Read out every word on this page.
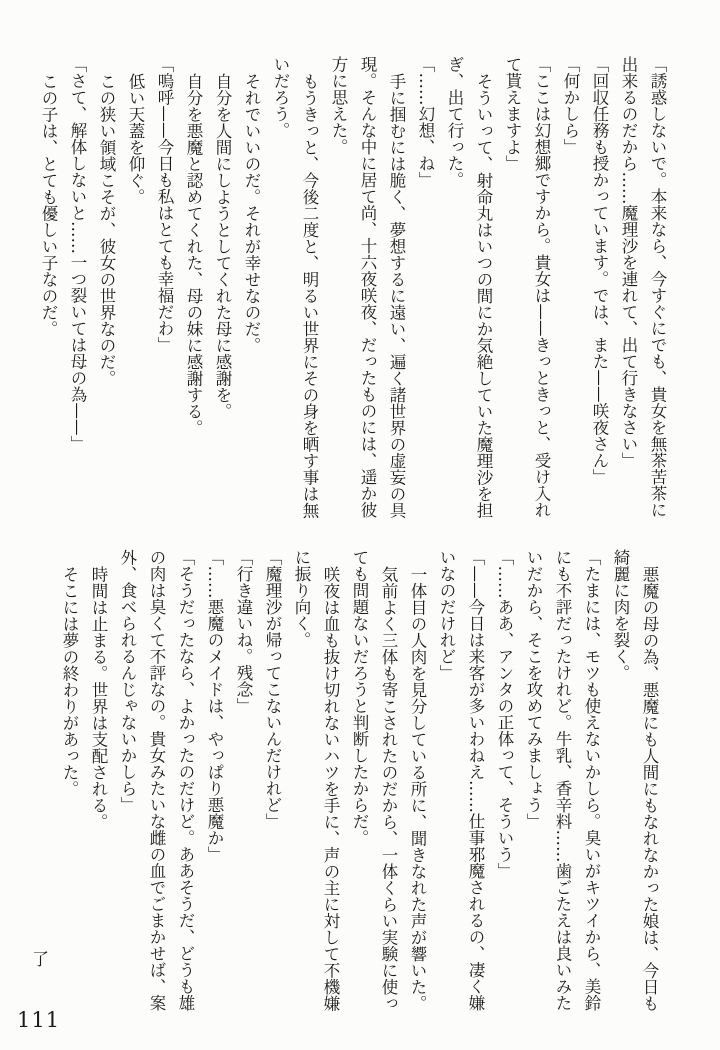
「誘惑しないで。本来なら、今すぐにでも、貴女を無茶苦茶に出来るのだから……魔理沙を連れて、出て行きなさい」

「回収任務も授かっています。では、また——咲夜さん」

「何かしら」

「ここは幻想郷ですから。貴女は——きっときっと、受け入れて貰えますよ」

そういって、射命丸はいつの間にか気絶していた魔理沙を担ぎ、出て行った。

「……幻想、ね」

手に掴むには脆く、夢想するに遠い、遍く諸世界の虚妄の具現。そんな中に居て尚、十六夜咲夜、だったものには、遥か彼方に思えた。

もうきっと、今後二度と、明るい世界にその身を晒す事は無いだろう。

それでいいのだ。それが幸せなのだ。

自分を人間にしようとしてくれた母に感謝を。

自分を悪魔と認めてくれた、母の妹に感謝する。

「嗚呼——今日も私はとても幸福だわ」

低い天蓋を仰ぐ。

この狭い領域こそが、彼女の世界なのだ。

「さて、解体しないと……一つ裂いては母の為——」

この子は、とても優しい子なのだ。

悪魔の母の為、悪魔にも人間にもなれなかった娘は、今日も綺麗に肉を裂く。

「たまには、モツも使えないかしら。臭いがキツイから、美鈴にも不評だったけれど。牛乳、香辛料……歯ごたえは良いみたいだから、そこを攻めてみましょう」

「……ああ、アンタの正体って、そういう」

「——今日は来客が多いわねえ……仕事邪魔されるの、凄く嫌いなのだけれど」

一体目の人肉を見分している所に、聞きなれた声が響いた。

気前よく三体も寄こされたのだから、一体くらい実験に使っても問題ないだろうと判断したからだ。

咲夜は血も抜け切れないハツを手に、声の主に対して不機嫌に振り向く。

「魔理沙が帰ってこないんだけれど」

「行き違いね。残念」

「……悪魔のメイドは、やっぱり悪魔か」

「そうだったなら、よかったのだけど。ああそうだ、どうも雄の肉は臭くて不評なの。貴女みたいな雌の血でごまかせば、案外、食べられるんじゃないかしら」

時間は止まる。世界は支配される。

そこには夢の終わりがあった。

了
111
